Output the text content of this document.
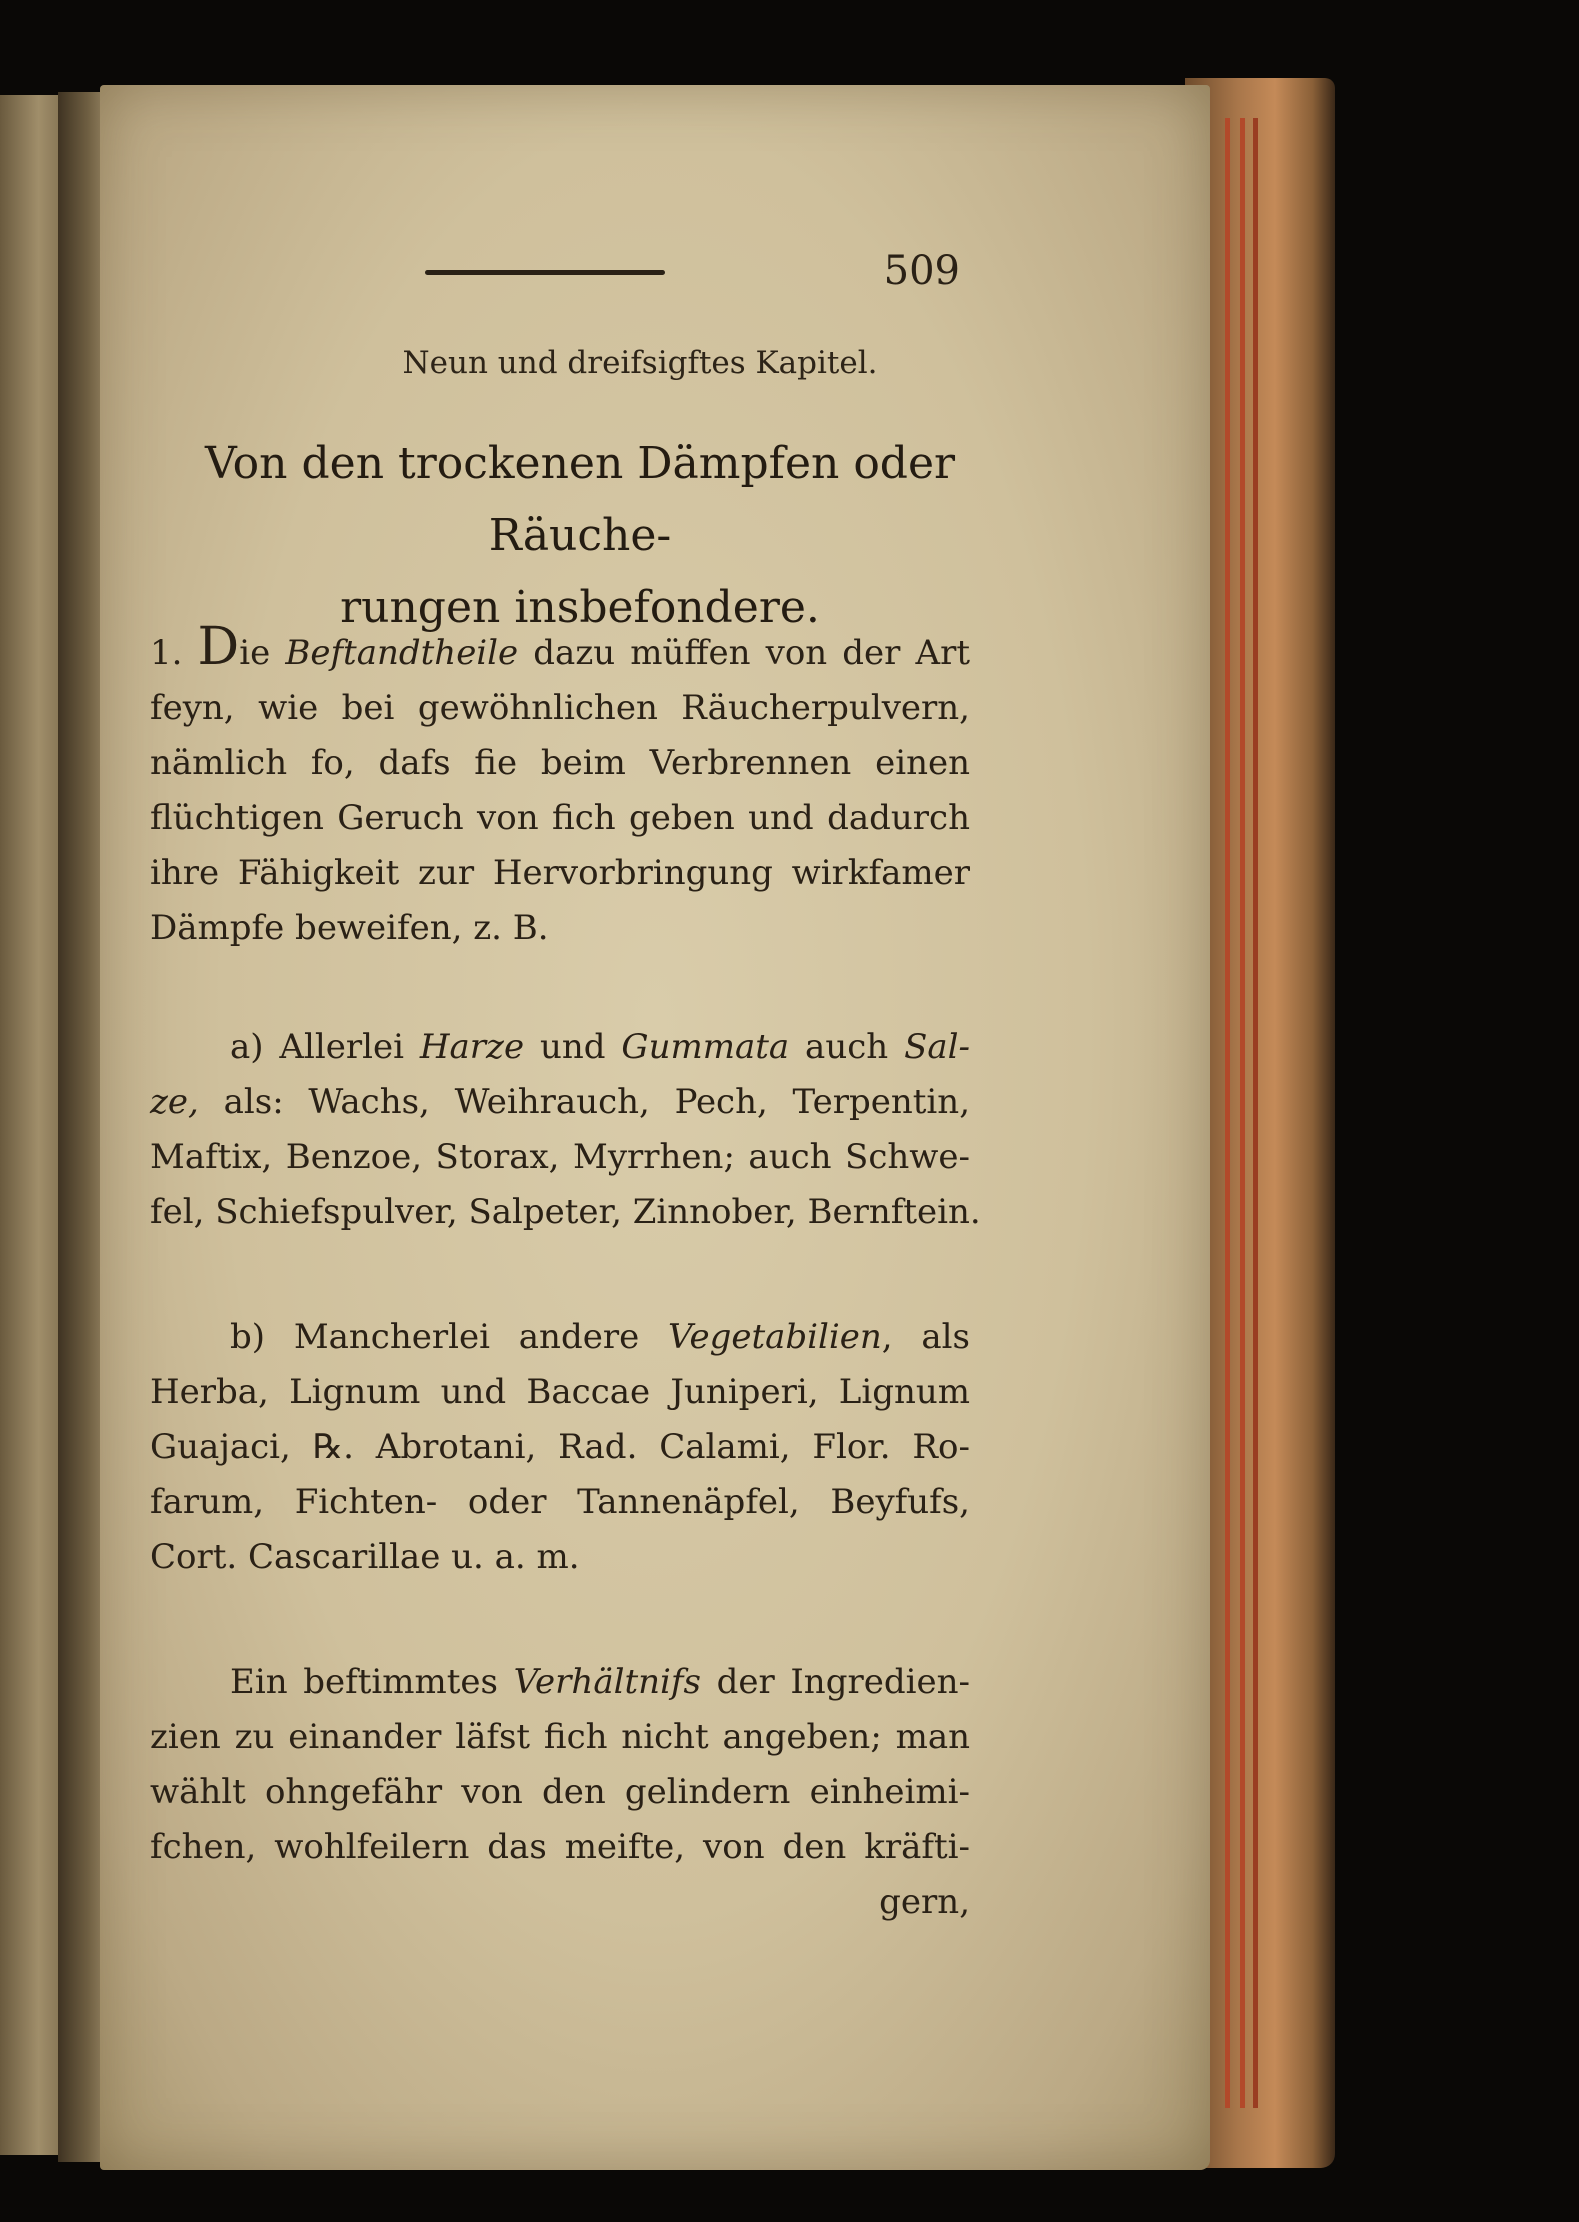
509
Neun und dreifsigftes Kapitel.
Von den trockenen Dämpfen oder Räuche-
rungen insbefondere.
1. Die Beftandtheile dazu müffen von der Art
feyn, wie bei gewöhnlichen Räucherpulvern,
nämlich fo, dafs fie beim Verbrennen einen
flüchtigen Geruch von fich geben und dadurch
ihre Fähigkeit zur Hervorbringung wirkfamer
Dämpfe beweifen, z. B.
a) Allerlei Harze und Gummata auch Sal-
ze, als: Wachs, Weihrauch, Pech, Terpentin,
Maftix, Benzoe, Storax, Myrrhen; auch Schwe-
fel, Schiefspulver, Salpeter, Zinnober, Bernftein.
b) Mancherlei andere Vegetabilien, als
Herba, Lignum und Baccae Juniperi, Lignum
Guajaci, ℞. Abrotani, Rad. Calami, Flor. Ro-
farum, Fichten- oder Tannenäpfel, Beyfufs,
Cort. Cascarillae u. a. m.
Ein beftimmtes Verhältnifs der Ingredien-
zien zu einander läfst fich nicht angeben; man
wählt ohngefähr von den gelindern einheimi-
fchen, wohlfeilern das meifte, von den kräfti-
gern,
